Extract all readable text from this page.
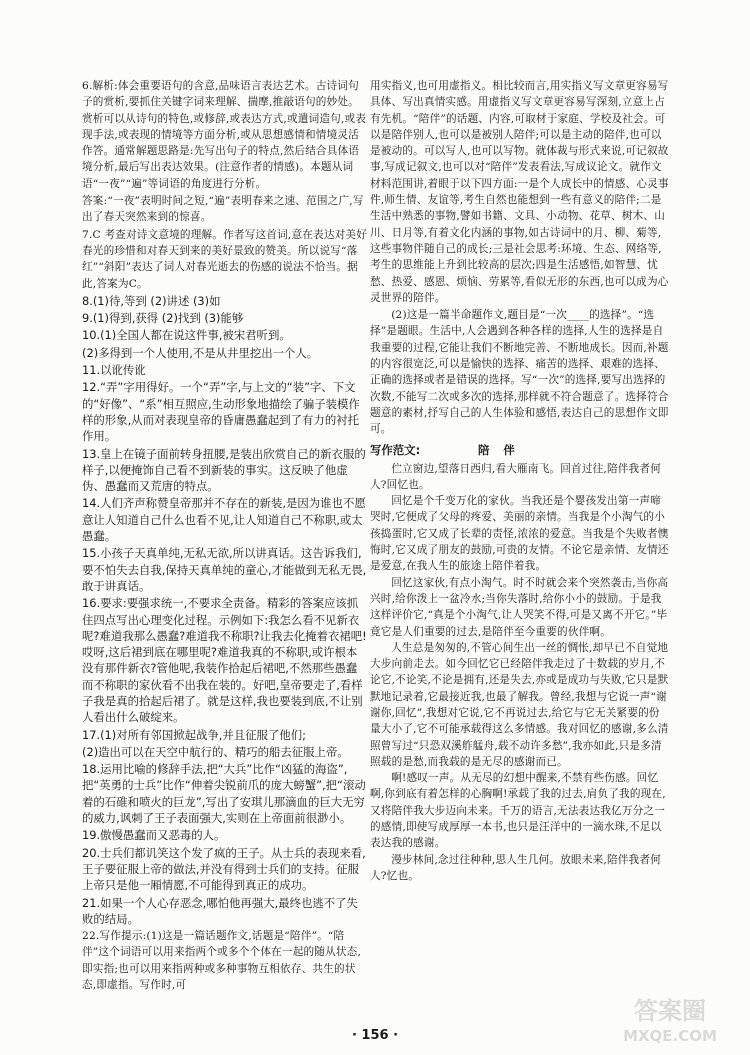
6.解析:体会重要语句的含意,品味语言表达艺术。古诗词句子的赏析,要抓住关键字词来理解、揣摩,推敲语句的妙处。赏析可以从诗句的特色,或修辞,或表达方式,或遣词造句,或表现手法,或表现的情境等方面分析,或从思想感情和情境灵活作答。通常解题思路是:先写出句子的特点,然后结合具体语境分析,最后写出表达效果。(注意作者的情感)。本题从词语“一夜”“遍”等词语的角度进行分析。

答案:“一夜”表明时间之短,“遍”表明春来之速、范围之广,写出了春天突然来到的惊喜。

7.C 考查对诗文意境的理解。作者写这首词,意在表达对美好春光的珍惜和对春天到来的美好景致的赞美。所以说写“落红”“斜阳”表达了词人对春光逝去的伤感的说法不恰当。据此,答案为C。

8.(1)待,等到 (2)讲述 (3)如

9.(1)得到,获得 (2)找到 (3)能够

10.(1)全国人都在说这件事,被宋君听到。

(2)多得到一个人使用,不是从井里挖出一个人。

11.以讹传讹

12.“弄”字用得好。一个“弄”字,与上文的“装”字、下文的“好像”、“系”相互照应,生动形象地描绘了骗子装模作样的形象,从而对表现皇帝的昏庸愚蠢起到了有力的衬托作用。

13.皇上在镜子面前转身扭腰,是装出欣赏自己的新衣服的样子,以便掩饰自己看不到新装的事实。这反映了他虚伪、愚蠢而又荒唐的特点。

14.人们齐声称赞皇帝那并不存在的新装,是因为谁也不愿意让人知道自己什么也看不见,让人知道自己不称职,或太愚蠢。

15.小孩子天真单纯,无私无欲,所以讲真话。这告诉我们,要不怕失去自我,保持天真单纯的童心,才能做到无私无畏,敢于讲真话。

16.要求:要强求统一,不要求全责备。精彩的答案应该抓住四点写出心理变化过程。示例如下:我怎么看不见新衣呢?难道我那么愚蠢?难道我不称职?让我去化掩着衣裙吧!哎呀,这后裙到底在哪里呢?难道我真的不称职,或许根本没有那件新衣?管他呢,我装作拾起后裙吧,不然那些愚蠢而不称职的家伙看不出我在装的。好吧,皇帝要走了,看样子我是真的拾起后裙了。就是这样,我也要装到底,不让别人看出什么破绽来。

17.(1)对所有邻国掀起战争,并且征服了他们;

(2)造出可以在天空中航行的、精巧的船去征服上帝。

18.运用比喻的修辞手法,把“大兵”比作“凶猛的海盗”,把“英勇的士兵”比作“伸着尖锐前爪的庞大螃蟹”,把“滚动着的石碓和喷火的巨龙”,写出了安琪儿那滴血的巨大无穷的威力,讽刺了王子表面强大,实则在上帝面前很渺小。

19.傲慢愚蠢而又恶毒的人。

20.士兵们都讥笑这个发了疯的王子。从士兵的表现来看,王子要征服上帝的做法,并没有得到士兵们的支持。征服上帝只是他一厢情愿,不可能得到真正的成功。

21.如果一个人心存恶念,哪怕他再强大,最终也逃不了失败的结局。

22.写作提示:(1)这是一篇话题作文,话题是“陪伴”。“陪伴”这个词语可以用来指两个或多个个体在一起的随从状态,即实指;也可以用来指两种或多种事物互相依存、共生的状态,即虚指。写作时,可

用实指义,也可用虚指义。相比较而言,用实指义写文章更容易写具体、写出真情实感。用虚指义写文章更容易写深刻,立意上占有先机。“陪伴”的话题、内容,可取材于家庭、学校及社会。可以是陪伴别人,也可以是被别人陪伴;可以是主动的陪伴,也可以是被动的。可以写人,也可以写物。就体裁与形式来说,可记叙故事,写成记叙文,也可以对“陪伴”发表看法,写成议论文。就作文材料范围讲,着眼于以下四方面:一是个人成长中的情感、心灵事件,师生情、友谊等,考生自然也能想到一些有意义的陪伴;二是生活中熟悉的事物,譬如书籍、文具、小动物、花草、树木、山川、日月等,有着文化内涵的事物,如古诗词中的月、柳、菊等,这些事物伴随自己的成长;三是社会思考:环境、生态、网络等,考生的思维能上升到比较高的层次;四是生活感悟,如智慧、忧愁、热爱、感恩、烦恼、劳累等,看似无形的东西,也可以成为心灵世界的陪伴。

(2)这是一篇半命题作文,题目是“一次____的选择”。“选择”是题眼。生活中,人会遇到各种各样的选择,人生的选择是自我重要的过程,它能让我们不断地完善、不断地成长。因而,补题的内容很宽泛,可以是愉快的选择、痛苦的选择、艰难的选择、正确的选择或者是错误的选择。写“一次”的选择,要写出选择的次数,不能写二次或多次的选择,那样就不符合题意了。选择符合题意的素材,抒写自己的人生体验和感悟,表达自己的思想作文即可。

写作范文:	陪伴

伫立窗边,望落日西归,看大雁南飞。回首过往,陪伴我者何人?回忆也。

回忆是个千变万化的家伙。当我还是个婴孩发出第一声啼哭时,它便成了父母的疼爱、美丽的亲情。当我是个小淘气的小孩捣蛋时,它又成了长辈的责怪,浓浓的爱意。当我是个失败者懊悔时,它又成了朋友的鼓励,可贵的友情。不论它是亲情、友情还是爱意,在我人生的旅途上陪伴着我。

回忆这家伙,有点小淘气。时不时就会来个突然袭击,当你高兴时,给你泼上一盆冷水;当你失落时,给你小小的鼓励。于是我这样评价它,“真是个小淘气,让人哭笑不得,可是又离不开它。”毕竟它是人们重要的过去,是陪伴至今重要的伙伴啊。

人生总是匆匆的,不管心间生出一丝的惆怅,却早已不自觉地大步向前走去。如今回忆它已经陪伴我走过了十数载的岁月,不论它,不论笑,不论是拥有,还是失去,亦或是成功与失败,它只是默默地记录着,它最接近我,也最了解我。曾经,我想与它说一声“谢谢你,回忆”,我想对它说,它不再说过去,给它与它无关紧要的份量大小了,它不可能承载得这么多情感。我对回忆的感谢,多么清照曾写过“只恐双溪舴艋舟,载不动许多愁”,我亦如此,只是多清照载的是愁,而我载的是无尽的感谢而已。

啊!感叹一声。从无尽的幻想中醒来,不禁有些伤感。回忆啊,你到底有着怎样的心胸啊!承载了我的过去,肩负了我的现在,又将陪伴我大步迈向未来。千万的语言,无法表达我亿万分之一的感情,即使写成厚厚一本书,也只是汪洋中的一滴水珠,不足以表达我的感谢。

漫步林间,念过往种种,思人生几何。放眼未来,陪伴我者何人?忆也。

· 156 ·
答案圈
MXQE.COM
